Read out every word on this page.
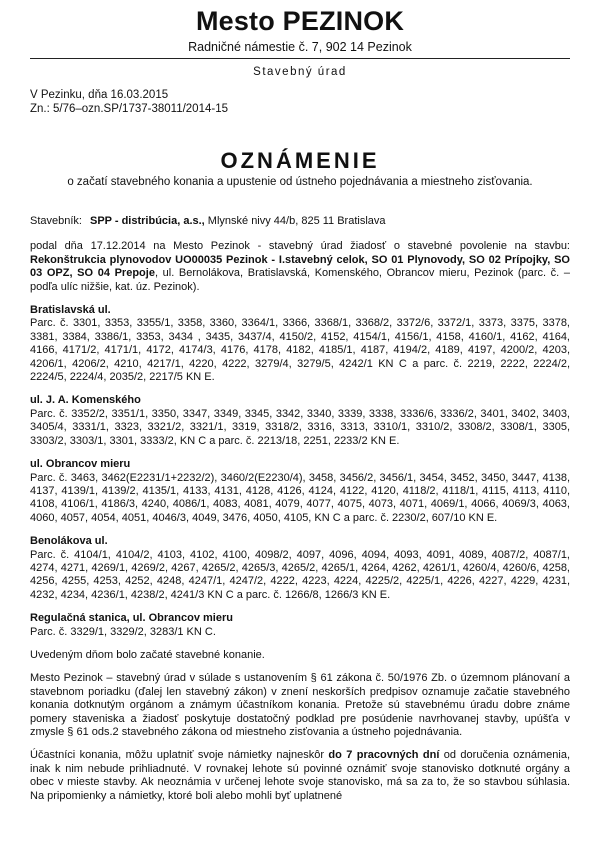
Mesto PEZINOK
Radničné námestie č. 7, 902 14 Pezinok
Stavebný úrad
V Pezinku, dňa 16.03.2015
Zn.: 5/76–ozn.SP/1737-38011/2014-15
OZNÁMENIE
o začatí stavebného konania a upustenie od ústneho pojednávania a miestneho zisťovania.
Stavebník: SPP - distribúcia, a.s., Mlynské nivy 44/b, 825 11 Bratislava

podal dňa 17.12.2014 na Mesto Pezinok - stavebný úrad žiadosť o stavebné povolenie na stavbu: Rekonštrukcia plynovodov UO00035 Pezinok - I.stavebný celok, SO 01 Plynovody, SO 02 Prípojky, SO 03 OPZ, SO 04 Prepoje, ul. Bernolákova, Bratislavská, Komenského, Obrancov mieru, Pezinok (parc. č. – podľa ulíc nižšie, kat. úz. Pezinok).

Bratislavská ul.
Parc. č. 3301, 3353, 3355/1, 3358, 3360, 3364/1, 3366, 3368/1, 3368/2, 3372/6, 3372/1, 3373, 3375, 3378, 3381, 3384, 3386/1, 3353, 3434 , 3435, 3437/4, 4150/2, 4152, 4154/1, 4156/1, 4158, 4160/1, 4162, 4164, 4166, 4171/2, 4171/1, 4172, 4174/3, 4176, 4178, 4182, 4185/1, 4187, 4194/2, 4189, 4197, 4200/2, 4203, 4206/1, 4206/2, 4210, 4217/1, 4220, 4222, 3279/4, 3279/5, 4242/1 KN C a parc. č. 2219, 2222, 2224/2, 2224/5, 2224/4, 2035/2, 2217/5 KN E.
ul. J. A. Komenského
Parc. č. 3352/2, 3351/1, 3350, 3347, 3349, 3345, 3342, 3340, 3339, 3338, 3336/6, 3336/2, 3401, 3402, 3403, 3405/4, 3331/1, 3323, 3321/2, 3321/1, 3319, 3318/2, 3316, 3313, 3310/1, 3310/2, 3308/2, 3308/1, 3305, 3303/2, 3303/1, 3301, 3333/2, KN C a parc. č. 2213/18, 2251, 2233/2 KN E.
ul. Obrancov mieru
Parc. č. 3463, 3462(E2231/1+2232/2), 3460/2(E2230/4), 3458, 3456/2, 3456/1, 3454, 3452, 3450, 3447, 4138, 4137, 4139/1, 4139/2, 4135/1, 4133, 4131, 4128, 4126, 4124, 4122, 4120, 4118/2, 4118/1, 4115, 4113, 4110, 4108, 4106/1, 4186/3, 4240, 4086/1, 4083, 4081, 4079, 4077, 4075, 4073, 4071, 4069/1, 4066, 4069/3, 4063, 4060, 4057, 4054, 4051, 4046/3, 4049, 3476, 4050, 4105, KN C a parc. č. 2230/2, 607/10 KN E.
Benolákova ul.
Parc. č. 4104/1, 4104/2, 4103, 4102, 4100, 4098/2, 4097, 4096, 4094, 4093, 4091, 4089, 4087/2, 4087/1, 4274, 4271, 4269/1, 4269/2, 4267, 4265/2, 4265/3, 4265/2, 4265/1, 4264, 4262, 4261/1, 4260/4, 4260/6, 4258, 4256, 4255, 4253, 4252, 4248, 4247/1, 4247/2, 4222, 4223, 4224, 4225/2, 4225/1, 4226, 4227, 4229, 4231, 4232, 4234, 4236/1, 4238/2, 4241/3 KN C a parc. č. 1266/8, 1266/3 KN E.
Regulačná stanica, ul. Obrancov mieru
Parc. č. 3329/1, 3329/2, 3283/1 KN C.

Uvedeným dňom bolo začaté stavebné konanie.

Mesto Pezinok – stavebný úrad v súlade s ustanovením § 61 zákona č. 50/1976 Zb. o územnom plánovaní a stavebnom poriadku (ďalej len stavebný zákon) v znení neskorších predpisov oznamuje začatie stavebného konania dotknutým orgánom a známym účastníkom konania. Pretože sú stavebnému úradu dobre známe pomery staveniska a žiadosť poskytuje dostatočný podklad pre posúdenie navrhovanej stavby, upúšťa v zmysle § 61 ods.2 stavebného zákona od miestneho zisťovania a ústneho pojednávania.

Účastníci konania, môžu uplatniť svoje námietky najneskôr do 7 pracovných dní od doručenia oznámenia, inak k nim nebude prihliadnuté. V rovnakej lehote sú povinné oznámiť svoje stanovisko dotknuté orgány a obec v mieste stavby. Ak neoznámia v určenej lehote svoje stanovisko, má sa za to, že so stavbou súhlasia. Na pripomienky a námietky, ktoré boli alebo mohli byť uplatnené
